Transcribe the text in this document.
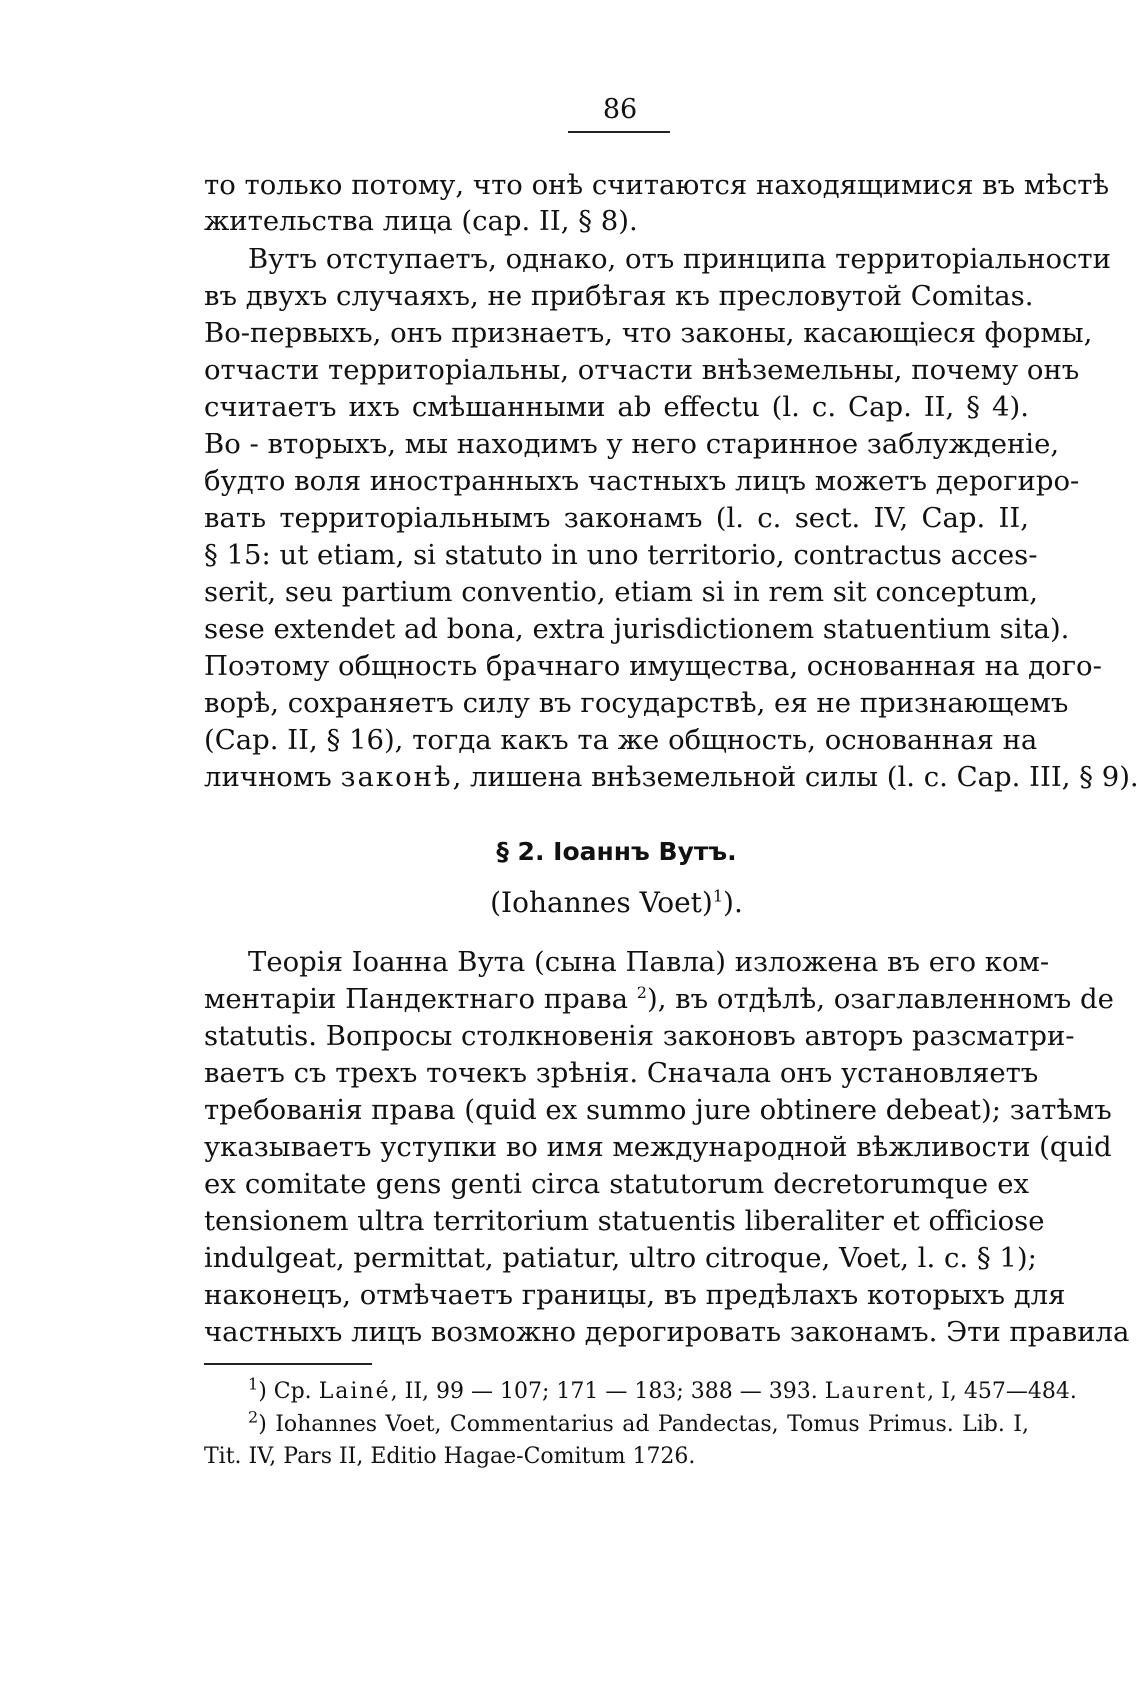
86
то только потому, что онѣ считаются находящимися въ мѣстѣ
жительства лица (cap. II, § 8).
Вутъ отступаетъ, однако, отъ принципа территоріальности
въ двухъ случаяхъ, не прибѣгая къ пресловутой Comitas.
Во-первыхъ, онъ признаетъ, что законы, касающіеся формы,
отчасти территоріальны, отчасти внѣземельны, почему онъ
считаетъ ихъ смѣшанными ab effectu (l. c. Cap. II, § 4).
Во - вторыхъ, мы находимъ у него старинное заблужденіе,
будто воля иностранныхъ частныхъ лицъ можетъ дерогиро-
вать территоріальнымъ законамъ (l. c. sect. IV, Cap. II,
§ 15: ut etiam, si statuto in uno territorio, contractus acces-
serit, seu partium conventio, etiam si in rem sit conceptum,
sese extendet ad bona, extra jurisdictionem statuentium sita).
Поэтому общность брачнаго имущества, основанная на дого-
ворѣ, сохраняетъ силу въ государствѣ, ея не признающемъ
(Cap. II, § 16), тогда какъ та же общность, основанная на
личномъ законѣ, лишена внѣземельной силы (l. c. Cap. III, § 9).
§ 2. Іоаннъ Вутъ.
(Iohannes Voet)$^1$).
Теорія Іоанна Вута (сына Павла) изложена въ его ком-
ментаріи Пандектнаго права $^2$), въ отдѣлѣ, озаглавленномъ de
statutis. Вопросы столкновенія законовъ авторъ разсматри-
ваетъ съ трехъ точекъ зрѣнія. Сначала онъ установляетъ
требованія права (quid ex summo jure obtinere debeat); затѣмъ
указываетъ уступки во имя международной вѣжливости (quid
ex comitate gens genti circa statutorum decretorumque ex
tensionem ultra territorium statuentis liberaliter et officiose
indulgeat, permittat, patiatur, ultro citroque, Voet, l. c. § 1);
наконецъ, отмѣчаетъ границы, въ предѣлахъ которыхъ для
частныхъ лицъ возможно дерогировать законамъ. Эти правила
$^1$) Cp. Lainé, II, 99 — 107; 171 — 183; 388 — 393. Laurent, I, 457—484.
$^2$) Iohannes Voet, Commentarius ad Pandectas, Tomus Primus. Lib. I,
Tit. IV, Pars II, Editio Hagae-Comitum 1726.
